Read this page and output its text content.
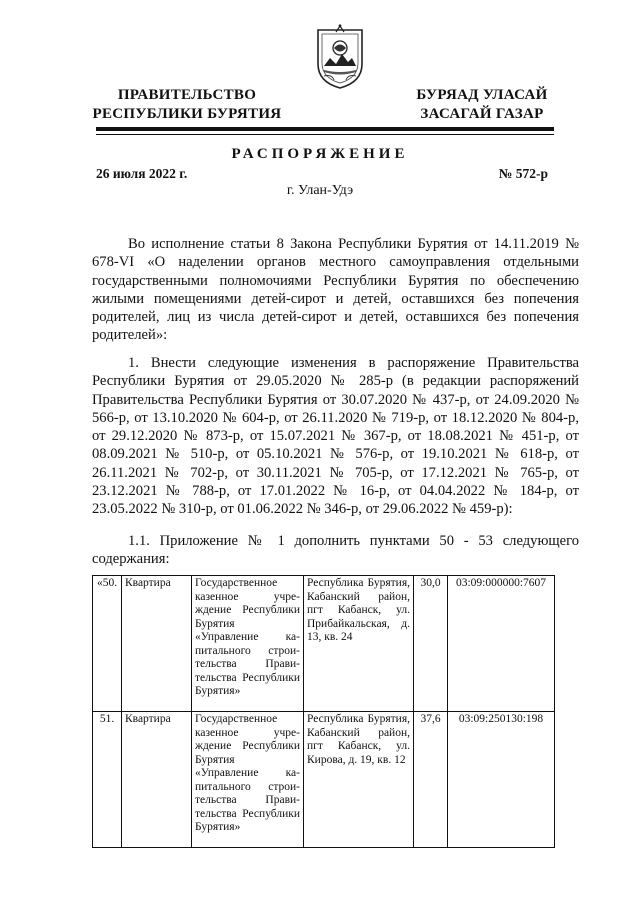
ПРАВИТЕЛЬСТВО
РЕСПУБЛИКИ БУРЯТИЯ
БУРЯАД УЛАСАЙ
ЗАСАГАЙ ГАЗАР
РАСПОРЯЖЕНИЕ
26 июля 2022 г.	№ 572-р
г. Улан-Удэ

Во исполнение статьи 8 Закона Республики Бурятия от 14.11.2019 № 678-VI «О наделении органов местного самоуправления отдельными государственными полномочиями Республики Бурятия по обеспечению жилыми помещениями детей-сирот и детей, оставшихся без попечения родителей, лиц из числа детей-сирот и детей, оставшихся без попечения родителей»:

1. Внести следующие изменения в распоряжение Правительства Республики Бурятия от 29.05.2020 № 285-р (в редакции распоряжений Правительства Республики Бурятия от 30.07.2020 № 437-р, от 24.09.2020 № 566-р, от 13.10.2020 № 604-р, от 26.11.2020 № 719-р, от 18.12.2020 № 804-р, от 29.12.2020 № 873-р, от 15.07.2021 № 367-р, от 18.08.2021 № 451-р, от 08.09.2021 № 510-р, от 05.10.2021 № 576-р, от 19.10.2021 № 618-р, от 26.11.2021 № 702-р, от 30.11.2021 № 705-р, от 17.12.2021 № 765-р, от 23.12.2021 № 788-р, от 17.01.2022 № 16-р, от 04.04.2022 № 184-р, от 23.05.2022 № 310-р, от 01.06.2022 № 346-р, от 29.06.2022 № 459-р):

1.1. Приложение № 1 дополнить пунктами 50 - 53 следующего содержания:

«50.	Квартира	Государственное казенное учреждение Республики Бурятия «Управление капитального строительства Правительства Республики Бурятия»	Республика Бурятия, Кабанский район, пгт Кабанск, ул. Прибайкальская, д. 13, кв. 24	30,0	03:09:000000:7607
51.	Квартира	Государственное казенное учреждение Республики Бурятия «Управление капитального строительства Правительства Республики Бурятия»	Республика Бурятия, Кабанский район, пгт Кабанск, ул. Кирова, д. 19, кв. 12	37,6	03:09:250130:198
